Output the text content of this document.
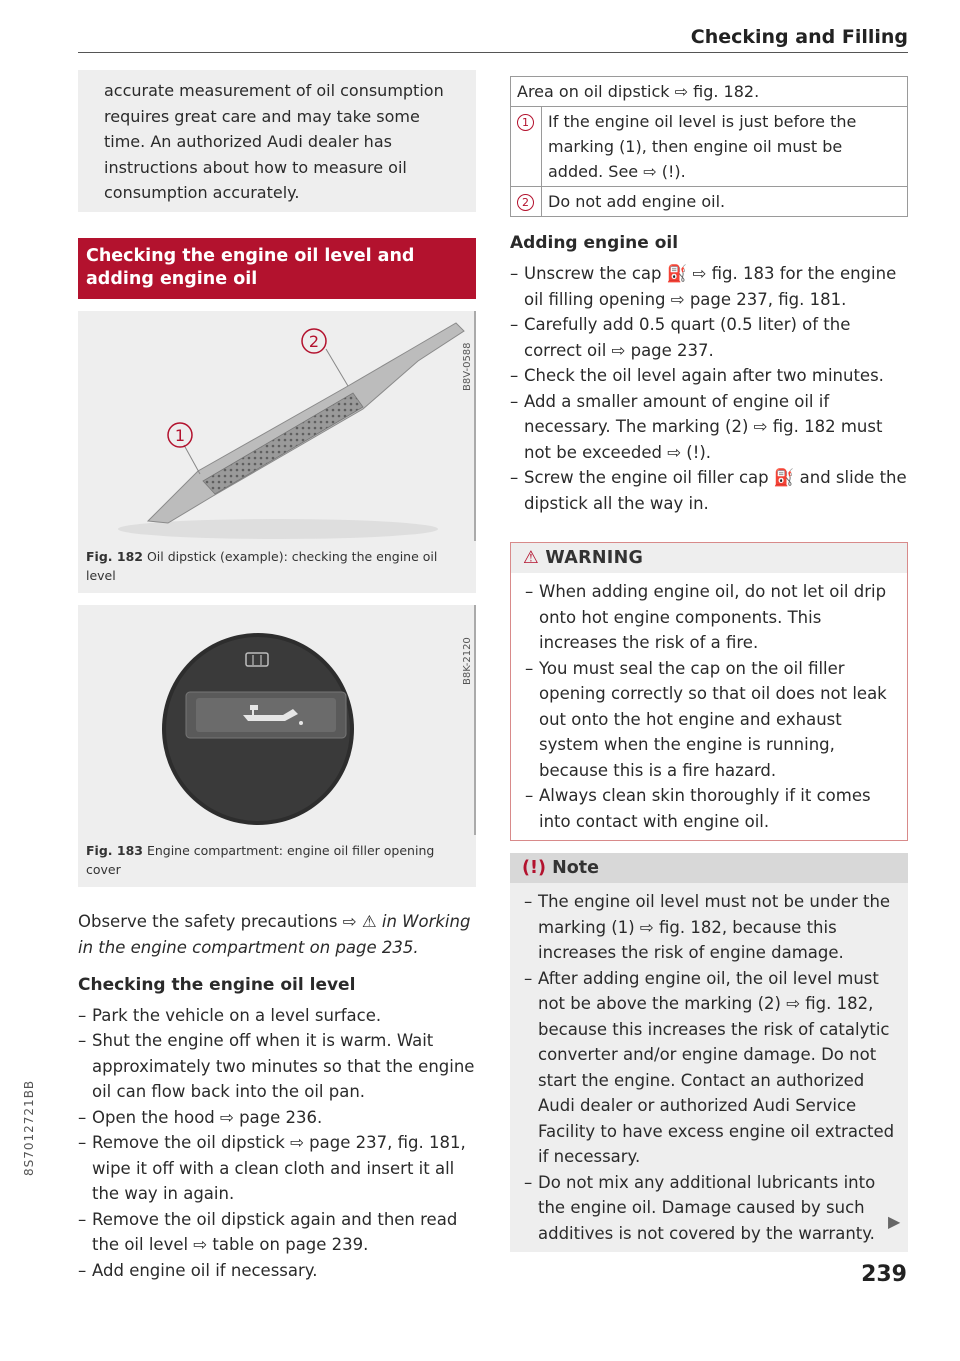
Checking and Filling
accurate measurement of oil consumption requires great care and may take some time. An authorized Audi dealer has instructions about how to measure oil consumption accurately.
Checking the engine oil level and adding engine oil
2
1
B8V-0588
Fig. 182 Oil dipstick (example): checking the engine oil level
B8K-2120
Fig. 183 Engine compartment: engine oil filler opening cover

Observe the safety precautions ⇨ ⚠ in Working in the engine compartment on page 235.

Checking the engine oil level
– Park the vehicle on a level surface.
– Shut the engine off when it is warm. Wait approximately two minutes so that the engine oil can flow back into the oil pan.
– Open the hood ⇨ page 236.
– Remove the oil dipstick ⇨ page 237, fig. 181, wipe it off with a clean cloth and insert it all the way in again.
– Remove the oil dipstick again and then read the oil level ⇨ table on page 239.
– Add engine oil if necessary.
Area on oil dipstick ⇨ fig. 182.	
1	If the engine oil level is just before the marking (1), then engine oil must be added. See ⇨ (!).
2	Do not add engine oil.
Adding engine oil
– Unscrew the cap ⛽ ⇨ fig. 183 for the engine oil filling opening ⇨ page 237, fig. 181.
– Carefully add 0.5 quart (0.5 liter) of the correct oil ⇨ page 237.
– Check the oil level again after two minutes.
– Add a smaller amount of engine oil if necessary. The marking (2) ⇨ fig. 182 must not be exceeded ⇨ (!).
– Screw the engine oil filler cap ⛽ and slide the dipstick all the way in.
⚠ WARNING
– When adding engine oil, do not let oil drip onto hot engine components. This increases the risk of a fire.
– You must seal the cap on the oil filler opening correctly so that oil does not leak out onto the hot engine and exhaust system when the engine is running, because this is a fire hazard.
– Always clean skin thoroughly if it comes into contact with engine oil.
(!) Note
– The engine oil level must not be under the marking (1) ⇨ fig. 182, because this increases the risk of engine damage.
– After adding engine oil, the oil level must not be above the marking (2) ⇨ fig. 182, because this increases the risk of catalytic converter and/or engine damage. Do not start the engine. Contact an authorized Audi dealer or authorized Audi Service Facility to have excess engine oil extracted if necessary.
– Do not mix any additional lubricants into the engine oil. Damage caused by such additives is not covered by the warranty.
▶
239
8S7012721BB
